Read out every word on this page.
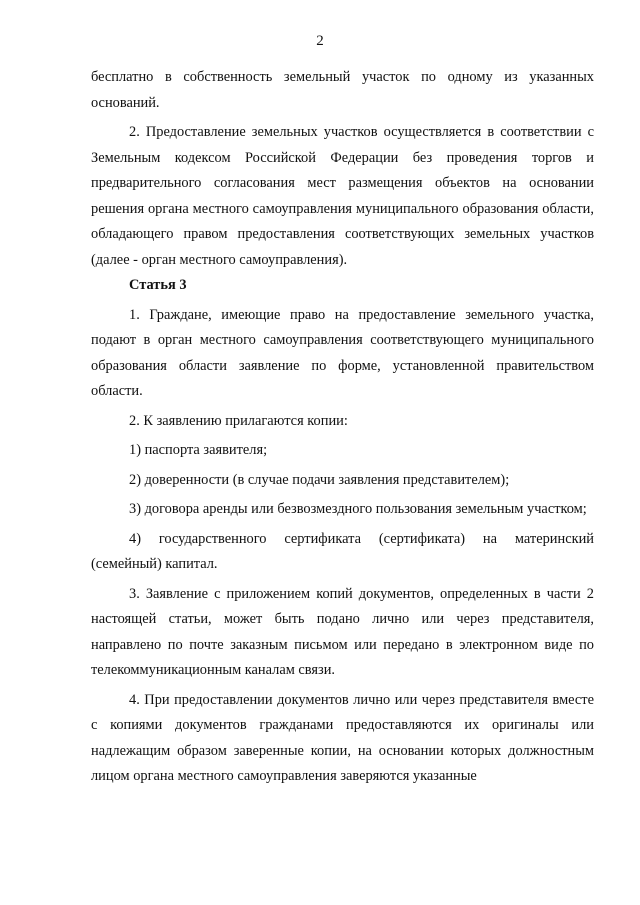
2

бесплатно в собственность земельный участок по одному из указанных оснований.

2. Предоставление земельных участков осуществляется в соответствии с Земельным кодексом Российской Федерации без проведения торгов и предварительного согласования мест размещения объектов на основании решения органа местного самоуправления муниципального образования области, обладающего правом предоставления соответствующих земельных участков (далее - орган местного самоуправления).

Статья 3

1. Граждане, имеющие право на предоставление земельного участка, подают в орган местного самоуправления соответствующего муниципального образования области заявление по форме, установленной правительством области.

2. К заявлению прилагаются копии:

1) паспорта заявителя;

2) доверенности (в случае подачи заявления представителем);

3) договора аренды или безвозмездного пользования земельным участком;

4) государственного сертификата (сертификата) на материнский (семейный) капитал.

3. Заявление с приложением копий документов, определенных в части 2 настоящей статьи, может быть подано лично или через представителя, направлено по почте заказным письмом или передано в электронном виде по телекоммуникационным каналам связи.

4. При предоставлении документов лично или через представителя вместе с копиями документов гражданами предоставляются их оригиналы или надлежащим образом заверенные копии, на основании которых должностным лицом органа местного самоуправления заверяются указанные
